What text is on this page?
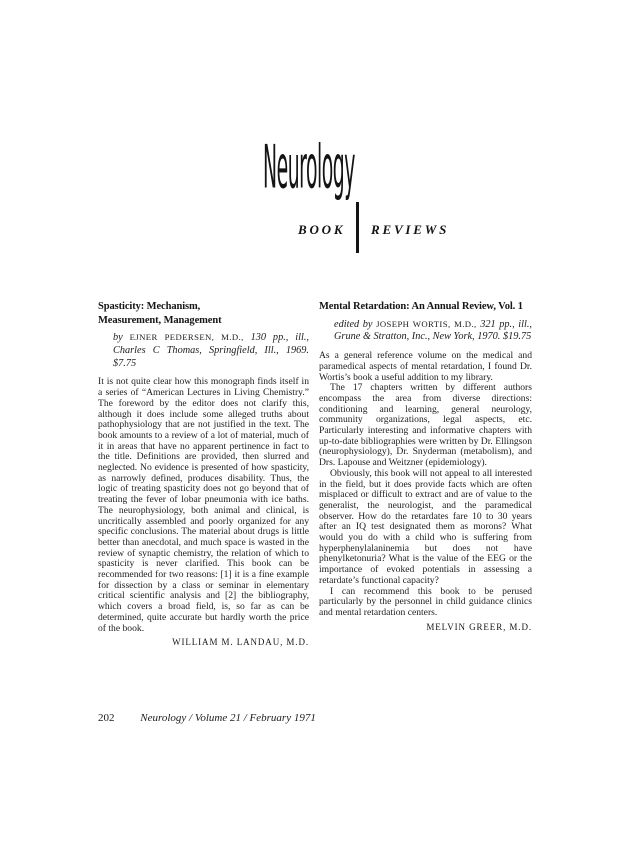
Neurology
BOOK REVIEWS
Spasticity: Mechanism,
Measurement, Management
by EJNER PEDERSEN, M.D., 130 pp., ill., Charles C Thomas, Springfield, Ill., 1969. $7.75

It is not quite clear how this monograph finds itself in a series of “American Lectures in Living Chemistry.” The foreword by the editor does not clarify this, although it does include some alleged truths about pathophysiology that are not justified in the text. The book amounts to a review of a lot of material, much of it in areas that have no apparent pertinence in fact to the title. Definitions are provided, then slurred and neglected. No evidence is presented of how spasticity, as narrowly defined, produces disability. Thus, the logic of treating spasticity does not go beyond that of treating the fever of lobar pneumonia with ice baths. The neurophysiology, both animal and clinical, is uncritically assembled and poorly organized for any specific conclusions. The material about drugs is little better than anecdotal, and much space is wasted in the review of synaptic chemistry, the relation of which to spasticity is never clarified. This book can be recommended for two reasons: [1] it is a fine example for dissection by a class or seminar in elementary critical scientific analysis and [2] the bibliography, which covers a broad field, is, so far as can be determined, quite accurate but hardly worth the price of the book.

WILLIAM M. LANDAU, M.D.
Mental Retardation: An Annual Review, Vol. 1
edited by JOSEPH WORTIS, M.D., 321 pp., ill., Grune & Stratton, Inc., New York, 1970. $19.75

As a general reference volume on the medical and paramedical aspects of mental retardation, I found Dr. Wortis’s book a useful addition to my library.

The 17 chapters written by different authors encompass the area from diverse directions: conditioning and learning, general neurology, community organizations, legal aspects, etc. Particularly interesting and informative chapters with up-to-date bibliographies were written by Dr. Ellingson (neurophysiology), Dr. Snyderman (metabolism), and Drs. Lapouse and Weitzner (epidemiology).

Obviously, this book will not appeal to all interested in the field, but it does provide facts which are often misplaced or difficult to extract and are of value to the generalist, the neurologist, and the paramedical observer. How do the retardates fare 10 to 30 years after an IQ test designated them as morons? What would you do with a child who is suffering from hyperphenylalaninemia but does not have phenylketonuria? What is the value of the EEG or the importance of evoked potentials in assessing a retardate’s functional capacity?

I can recommend this book to be perused particularly by the personnel in child guidance clinics and mental retardation centers.

MELVIN GREER, M.D.
202 Neurology / Volume 21 / February 1971
